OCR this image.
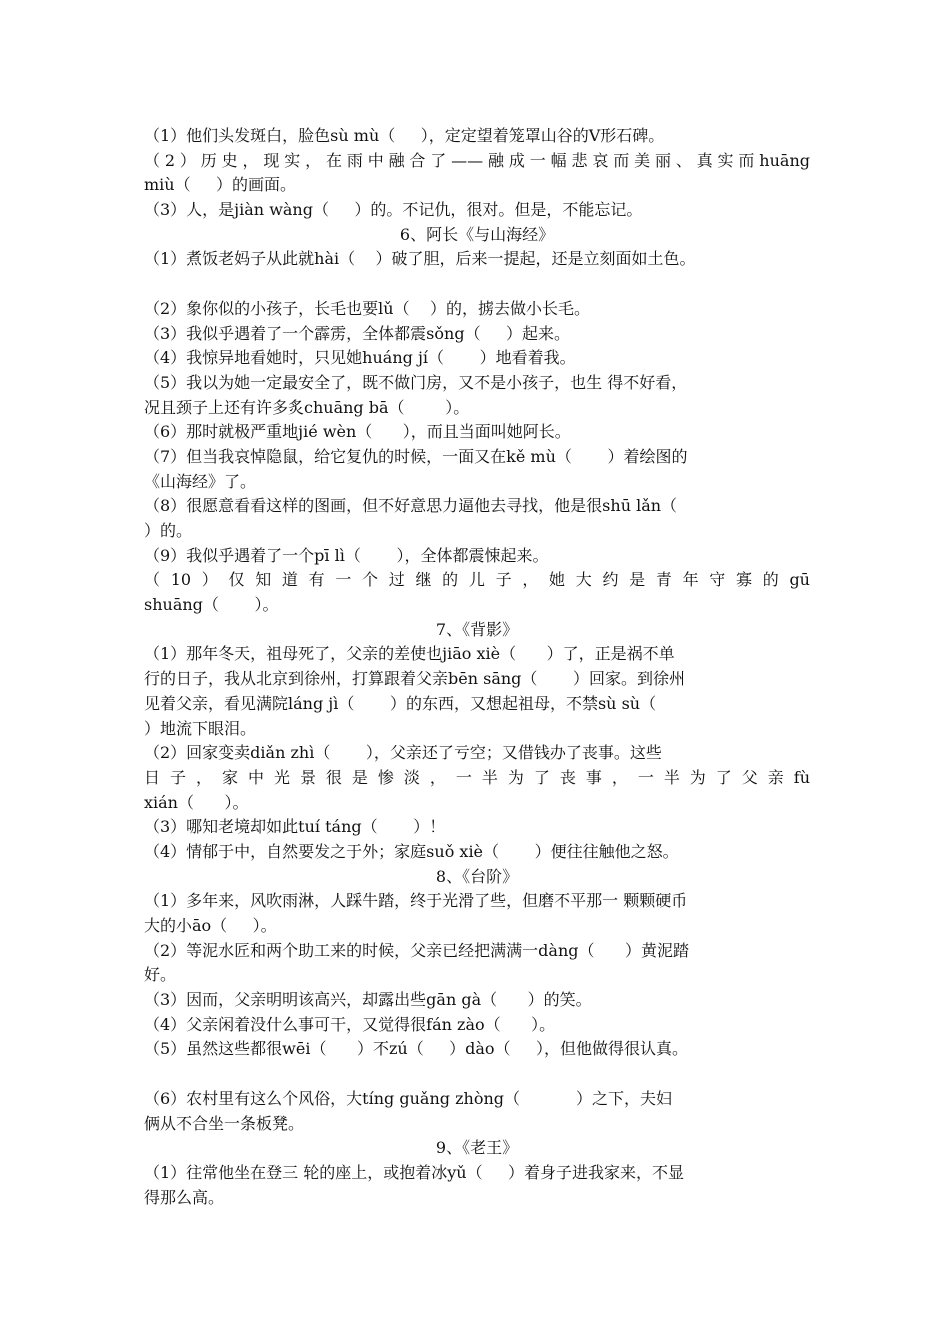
（1）他们头发斑白，脸色sù mù（     ），定定望着笼罩山谷的V形石碑。
（2）历史，现实，在雨中融合了——融成一幅悲哀而美丽、真实而huāng
miù（     ）的画面。
（3）人，是jiàn wàng（     ）的。不记仇，很对。但是，不能忘记。
6、阿长《与山海经》
（1）煮饭老妈子从此就hài（    ）破了胆，后来一提起，还是立刻面如土色。
（2）象你似的小孩子，长毛也要lǔ（    ）的，掳去做小长毛。
（3）我似乎遇着了一个霹雳，全体都震sǒng（     ）起来。
（4）我惊异地看她时，只见她huáng jí（       ）地看着我。
（5）我以为她一定最安全了，既不做门房，又不是小孩子，也生 得不好看，
况且颈子上还有许多炙chuāng bā（        ）。
（6）那时就极严重地jié wèn（      ），而且当面叫她阿长。
（7）但当我哀悼隐鼠，给它复仇的时候，一面又在kě mù（       ）着绘图的
《山海经》了。
（8）很愿意看看这样的图画，但不好意思力逼他去寻找，他是很shū lǎn（
）的。
（9）我似乎遇着了一个pī lì（       ），全体都震悚起来。
（10）仅知道有一个过继的儿子，她大约是青年守寡的gū
shuāng（       ）。
7、《背影》
（1）那年冬天，祖母死了，父亲的差使也jiāo xiè（      ）了，正是祸不单
行的日子，我从北京到徐州，打算跟着父亲bēn sāng（       ）回家。到徐州
见着父亲，看见满院láng jì（       ）的东西，又想起祖母，不禁sù sù（
）地流下眼泪。
（2）回家变卖diǎn zhì（       ），父亲还了亏空；又借钱办了丧事。这些
日子，家中光景很是惨淡，一半为了丧事，一半为了父亲fù
xián（      ）。
（3）哪知老境却如此tuí táng（       ）！
（4）情郁于中，自然要发之于外；家庭suǒ xiè（       ）便往往触他之怒。
8、《台阶》
（1）多年来，风吹雨淋，人踩牛踏，终于光滑了些，但磨不平那一 颗颗硬币
大的小āo（     ）。
（2）等泥水匠和两个助工来的时候，父亲已经把满满一dàng（      ）黄泥踏
好。
（3）因而，父亲明明该高兴，却露出些gān gà（      ）的笑。
（4）父亲闲着没什么事可干，又觉得很fán zào（      ）。
（5）虽然这些都很wēi（      ）不zú（     ）dào（     ），但他做得很认真。
（6）农村里有这么个风俗，大tíng guǎng zhòng（           ）之下，夫妇
俩从不合坐一条板凳。
9、《老王》
（1）往常他坐在登三 轮的座上，或抱着冰yǔ（     ）着身子进我家来，不显
得那么高。
